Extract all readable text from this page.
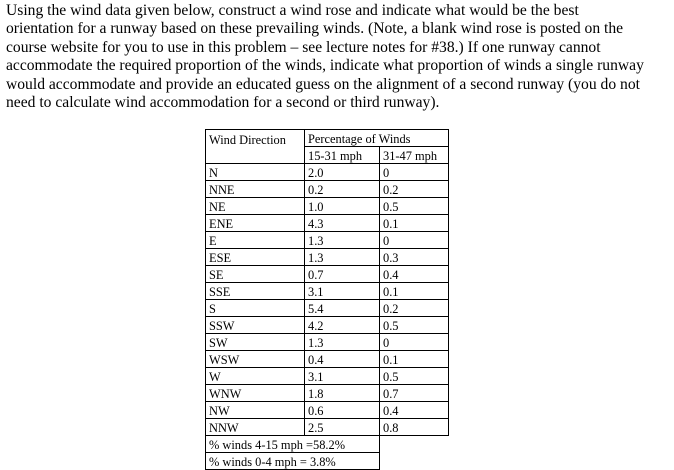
Using the wind data given below, construct a wind rose and indicate what would be the best
orientation for a runway based on these prevailing winds. (Note, a blank wind rose is posted on the
course website for you to use in this problem – see lecture notes for #38.) If one runway cannot
accommodate the required proportion of the winds, indicate what proportion of winds a single runway
would accommodate and provide an educated guess on the alignment of a second runway (you do not
need to calculate wind accommodation for a second or third runway).
Wind Direction	Percentage of Winds	
	15-31 mph	31-47 mph
N	2.0	0
NNE	0.2	0.2
NE	1.0	0.5
ENE	4.3	0.1
E	1.3	0
ESE	1.3	0.3
SE	0.7	0.4
SSE	3.1	0.1
S	5.4	0.2
SSW	4.2	0.5
SW	1.3	0
WSW	0.4	0.1
W	3.1	0.5
WNW	1.8	0.7
NW	0.6	0.4
NNW	2.5	0.8
% winds 4-15 mph =58.2%		
% winds 0-4 mph = 3.8%		
